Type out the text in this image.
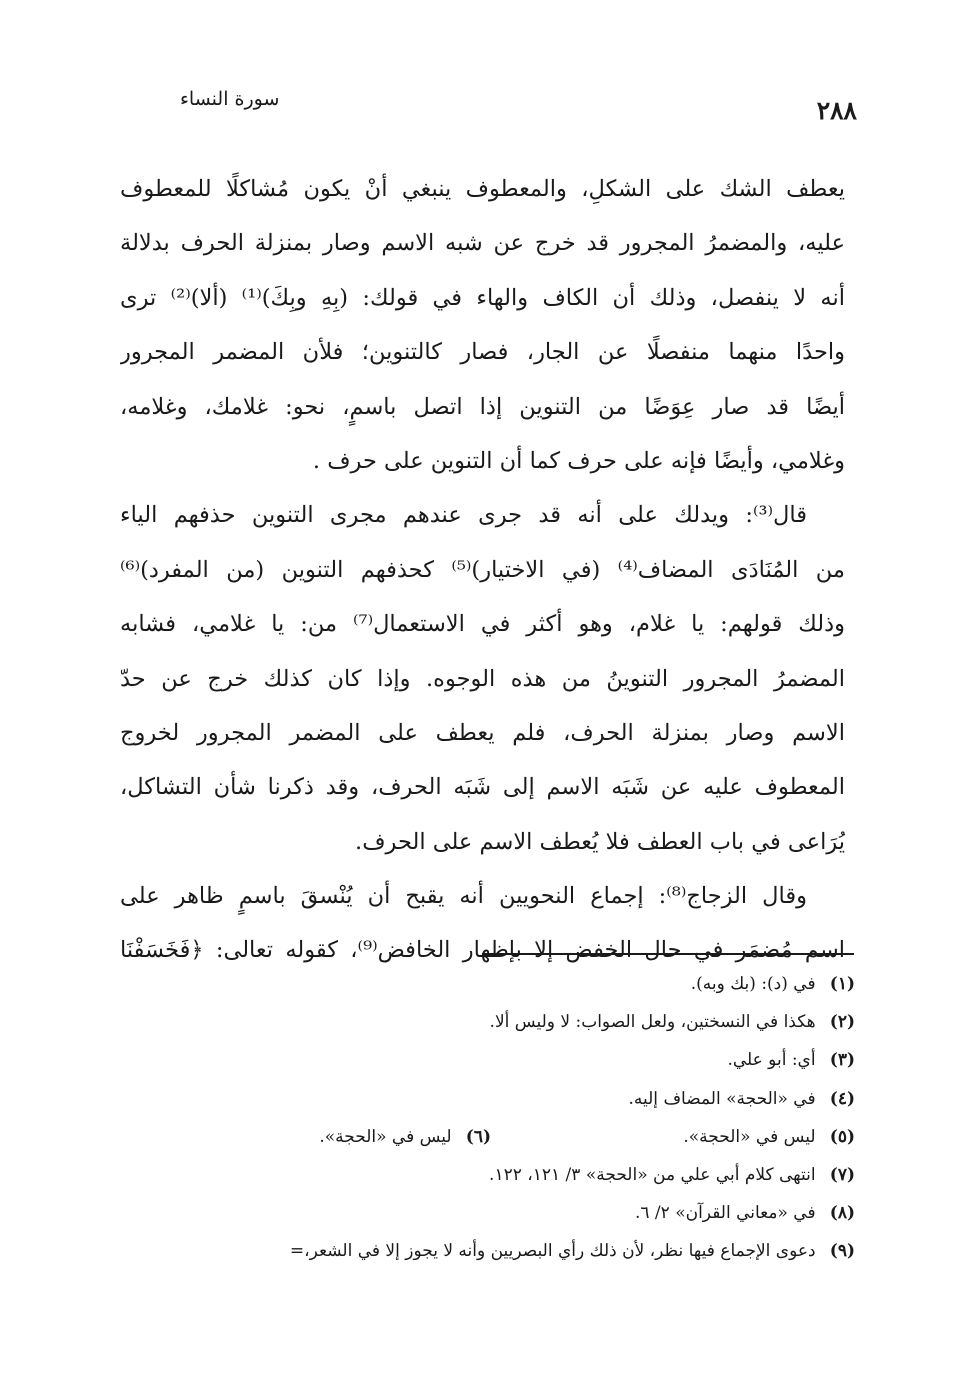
٢٨٨
سورة النساء
يعطف الشك على الشكلِ، والمعطوف ينبغي أنْ يكون مُشاكلًا للمعطوف
عليه، والمضمرُ المجرور قد خرج عن شبه الاسم وصار بمنزلة الحرف بدلالة
أنه لا ينفصل، وذلك أن الكاف والهاء في قولك: (بِهِ وبِكَ)⁽¹⁾ (ألا)⁽²⁾ ترى
واحدًا منهما منفصلًا عن الجار، فصار كالتنوين؛ فلأن المضمر المجرور
أيضًا قد صار عِوَضًا من التنوين إذا اتصل باسمٍ، نحو: غلامك، وغلامه،
وغلامي، وأيضًا فإنه على حرف كما أن التنوين على حرف .
قال⁽³⁾: ويدلك على أنه قد جرى عندهم مجرى التنوين حذفهم الياء
من المُنَادَى المضاف⁽⁴⁾ (في الاختيار)⁽⁵⁾ كحذفهم التنوين (من المفرد)⁽⁶⁾
وذلك قولهم: يا غلام، وهو أكثر في الاستعمال⁽⁷⁾ من: يا غلامي، فشابه
المضمرُ المجرور التنوينُ من هذه الوجوه. وإذا كان كذلك خرج عن حدّ
الاسم وصار بمنزلة الحرف، فلم يعطف على المضمر المجرور لخروج
المعطوف عليه عن شَبَه الاسم إلى شَبَه الحرف، وقد ذكرنا شأن التشاكل،
يُرَاعى في باب العطف فلا يُعطف الاسم على الحرف.
وقال الزجاج⁽⁸⁾: إجماع النحويين أنه يقبح أن يُنْسقَ باسمٍ ظاهر على
اسم مُضمَر في حال الخفض إلا بإظهار الخافض⁽⁹⁾، كقوله تعالى: ﴿فَخَسَفْنَا
(١) في (د): (بك وبه).
(٢) هكذا في النسختين، ولعل الصواب: لا وليس ألا.
(٣) أي: أبو علي.
(٤) في «الحجة» المضاف إليه.
(٥) ليس في «الحجة».
(٦) ليس في «الحجة».
(٧) انتهى كلام أبي علي من «الحجة» ٣/ ١٢١، ١٢٢.
(٨) في «معاني القرآن» ٢/ ٦.
(٩) دعوى الإجماع فيها نظر، لأن ذلك رأي البصريين وأنه لا يجوز إلا في الشعر،=
